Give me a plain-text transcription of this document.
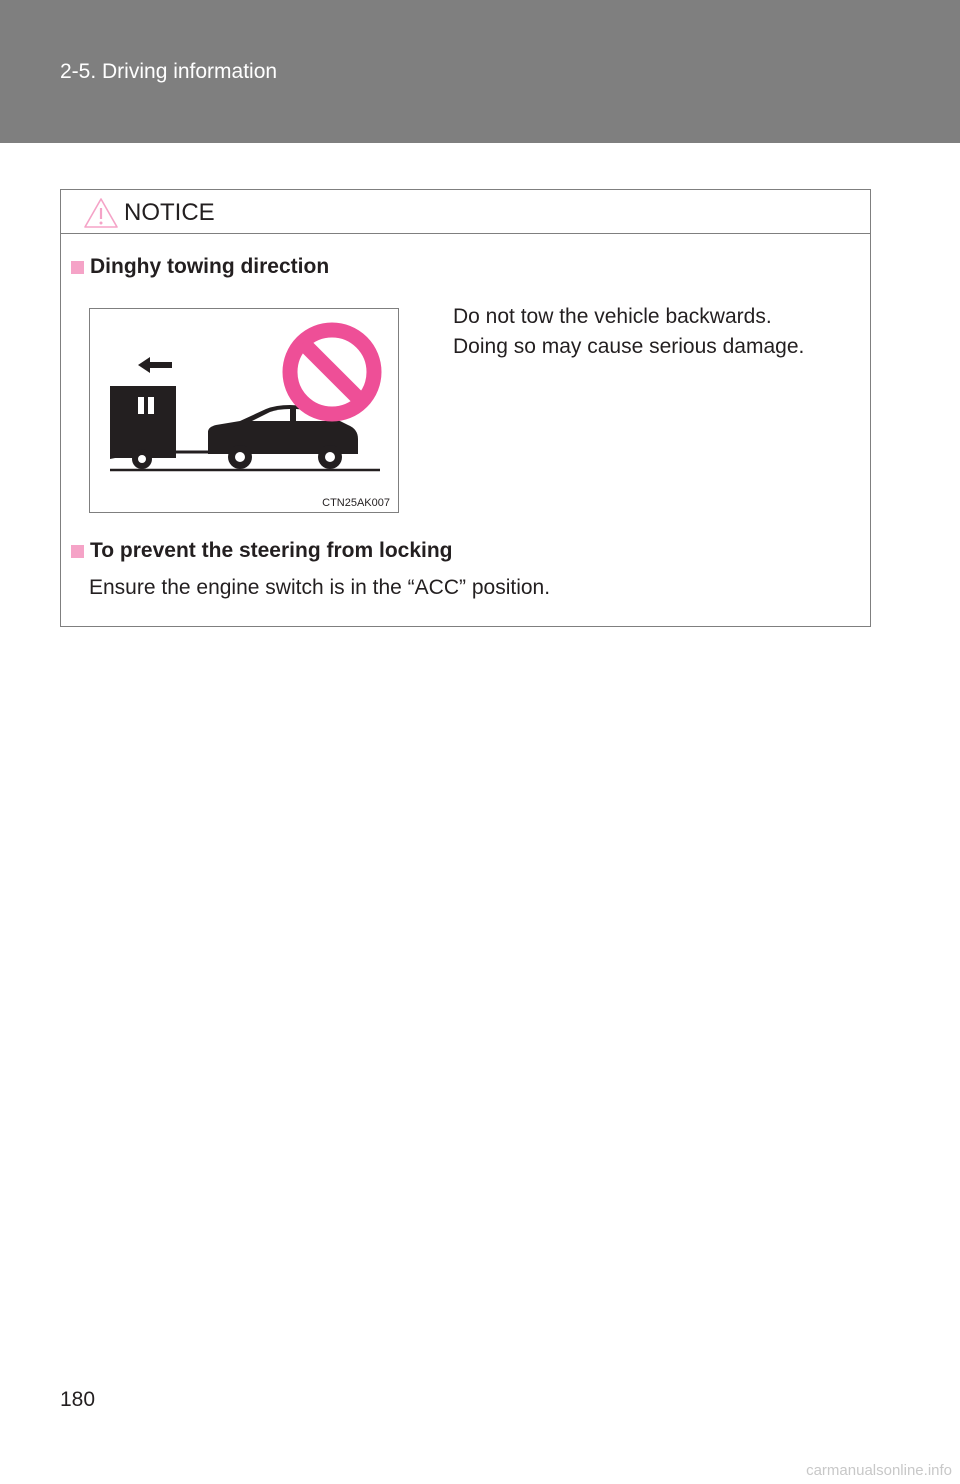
2-5. Driving information
NOTICE
Dinghy towing direction
CTN25AK007
Do not tow the vehicle backwards.
Doing so may cause serious damage.
To prevent the steering from locking
Ensure the engine switch is in the “ACC” position.
180
carmanualsonline.info
